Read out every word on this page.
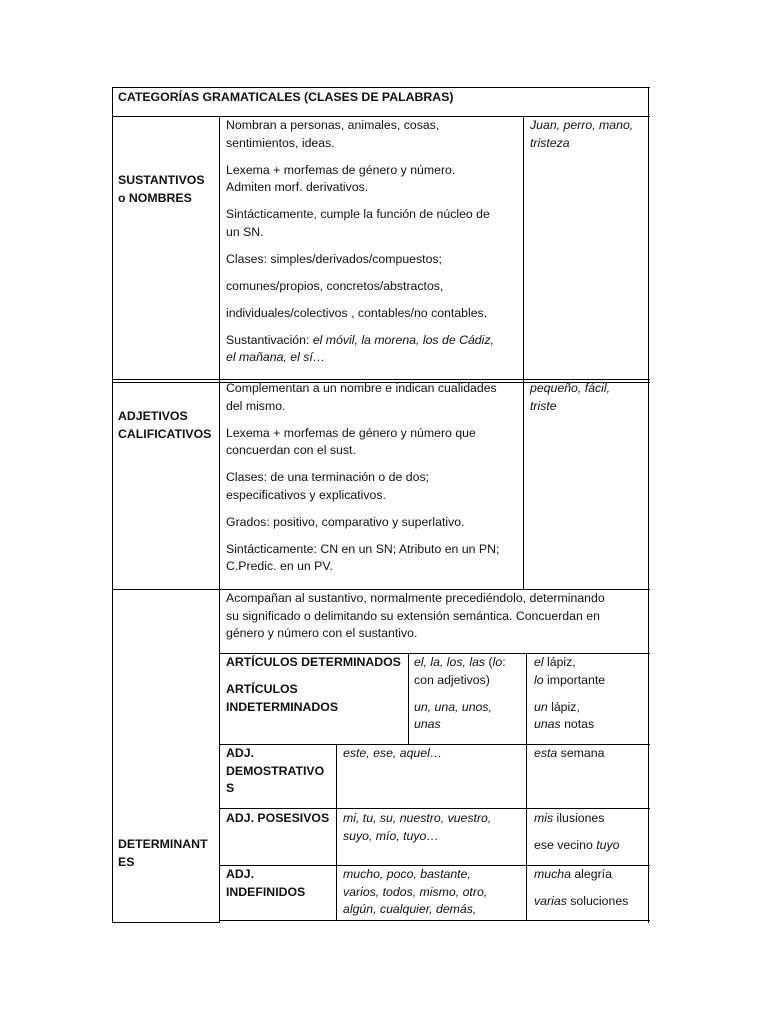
CATEGORÍAS GRAMATICALES (CLASES DE PALABRAS)

SUSTANTIVOS

o NOMBRES

Nombran a personas, animales, cosas,

sentimientos, ideas.

Lexema + morfemas de género y número.

Admiten morf. derivativos.

Sintácticamente, cumple la función de núcleo de

un SN.

Clases: simples/derivados/compuestos;

comunes/propios, concretos/abstractos,

individuales/colectivos , contables/no contables.

Sustantivación: el móvil, la morena, los de Cádiz,

el mañana, el sí…

Juan, perro, mano,

tristeza

ADJETIVOS

CALIFICATIVOS

Complementan a un nombre e indican cualidades

del mismo.

Lexema + morfemas de género y número que

concuerdan con el sust.

Clases: de una terminación o de dos;

especificativos y explicativos.

Grados: positivo, comparativo y superlativo.

Sintácticamente: CN en un SN; Atributo en un PN;

C.Predic. en un PV.

pequeño, fácil,

triste

DETERMINANT

ES

Acompañan al sustantivo, normalmente precediéndolo, determinando

su significado o delimitando su extensión semántica. Concuerdan en

género y número con el sustantivo.

ARTÍCULOS DETERMINADOS

ARTÍCULOS

INDETERMINADOS

el, la, los, las (lo:

con adjetivos)

un, una, unos,

unas

el lápiz,

lo importante

un lápiz,

unas notas

ADJ.

DEMOSTRATIVO

S

este, ese, aquel…	esta semana

ADJ. POSESIVOS	mi, tu, su, nuestro, vuestro,

suyo, mío, tuyo…

mis ilusiones

ese vecino tuyo

ADJ.

INDEFINIDOS

mucho, poco, bastante,

varios, todos, mismo, otro,

algún, cualquier, demás,

mucha alegría

varias soluciones
